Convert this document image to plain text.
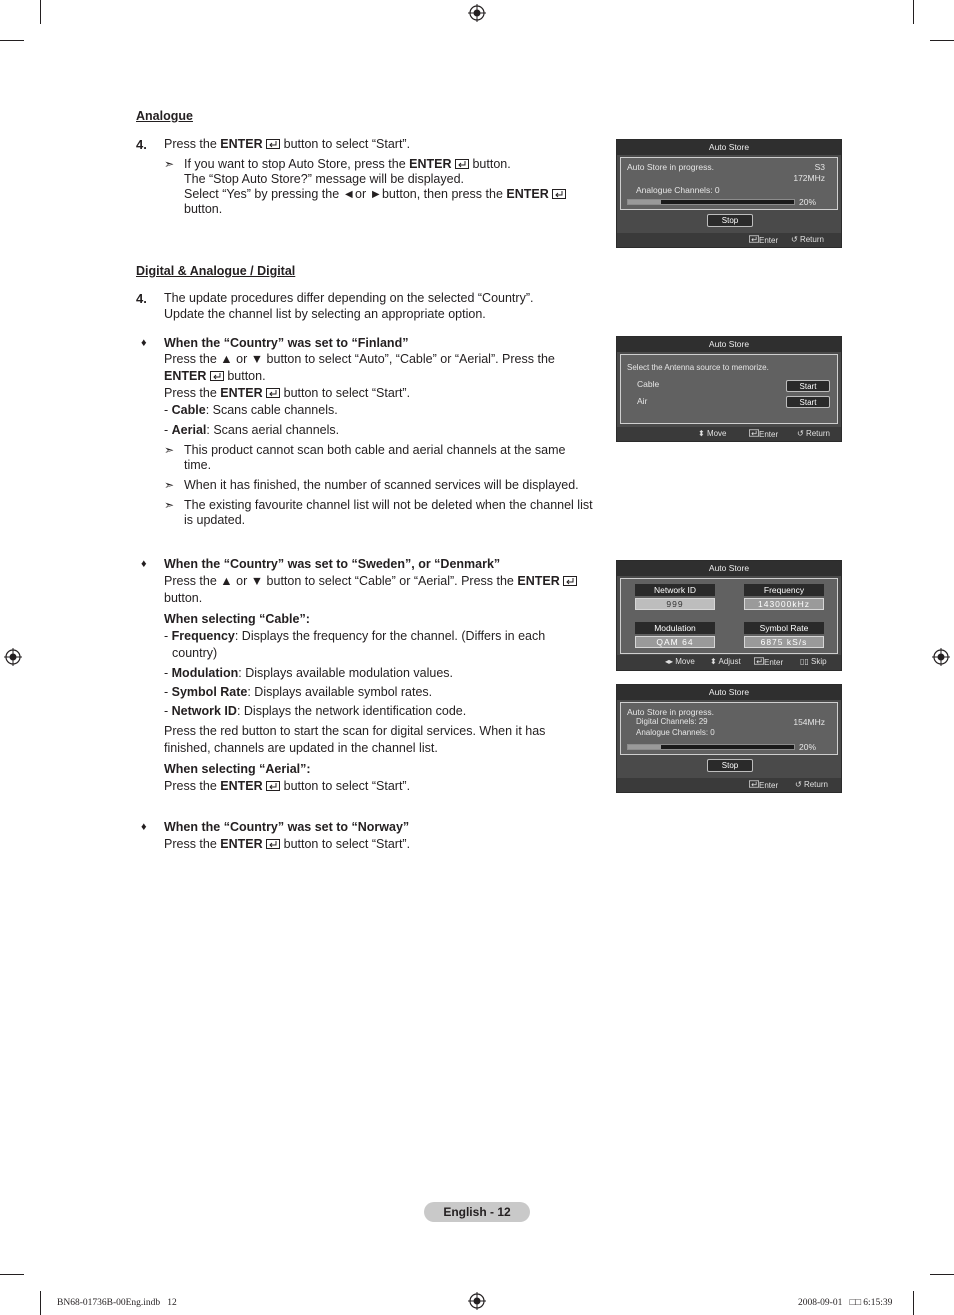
Analogue
4. Press the ENTER  button to select “Start”.
➣ If you want to stop Auto Store, press the ENTER  button.
The “Stop Auto Store?” message will be displayed.
Select “Yes” by pressing the ◄or ►button, then press the ENTER
button.
Digital & Analogue / Digital
4. The update procedures differ depending on the selected “Country”.
Update the channel list by selecting an appropriate option.
♦ When the “Country” was set to “Finland”
Press the ▲ or ▼ button to select “Auto”, “Cable” or “Aerial”. Press the
ENTER  button.
Press the ENTER  button to select “Start”.
- Cable: Scans cable channels.
- Aerial: Scans aerial channels.
➣ This product cannot scan both cable and aerial channels at the same
time.
➣ When it has finished, the number of scanned services will be displayed.
➣ The existing favourite channel list will not be deleted when the channel list
is updated.
♦ When the “Country” was set to “Sweden”, or “Denmark”
Press the ▲ or ▼ button to select “Cable” or “Aerial”. Press the ENTER
button.
When selecting “Cable”:
- Frequency: Displays the frequency for the channel. (Differs in each
country)
- Modulation: Displays available modulation values.
- Symbol Rate: Displays available symbol rates.
- Network ID: Displays the network identification code.
Press the red button to start the scan for digital services. When it has
finished, channels are updated in the channel list.
When selecting “Aerial”:
Press the ENTER  button to select “Start”.
♦ When the “Country” was set to “Norway”
Press the ENTER  button to select “Start”.
Auto Store
Auto Store in progress.	S3
172MHz
Analogue Channels: 0
20%
Stop
Enter ↺ Return
Auto Store
Select the Antenna source to memorize.
Cable
Air
Start
Start
⬍ Move	Enter ↺ Return
Auto Store
Network ID
999
Frequency
143000kHz
Modulation
QAM 64
Symbol Rate
6875 kS/s
◂▸ Move ⬍ Adjust	Enter ▯▯ Skip
Auto Store
Auto Store in progress.
Digital Channels: 29	154MHz
Analogue Channels: 0
20%
Stop
Enter ↺ Return
English - 12
BN68-01736B-00Eng.indb   12	2008-09-01   □□ 6:15:39
